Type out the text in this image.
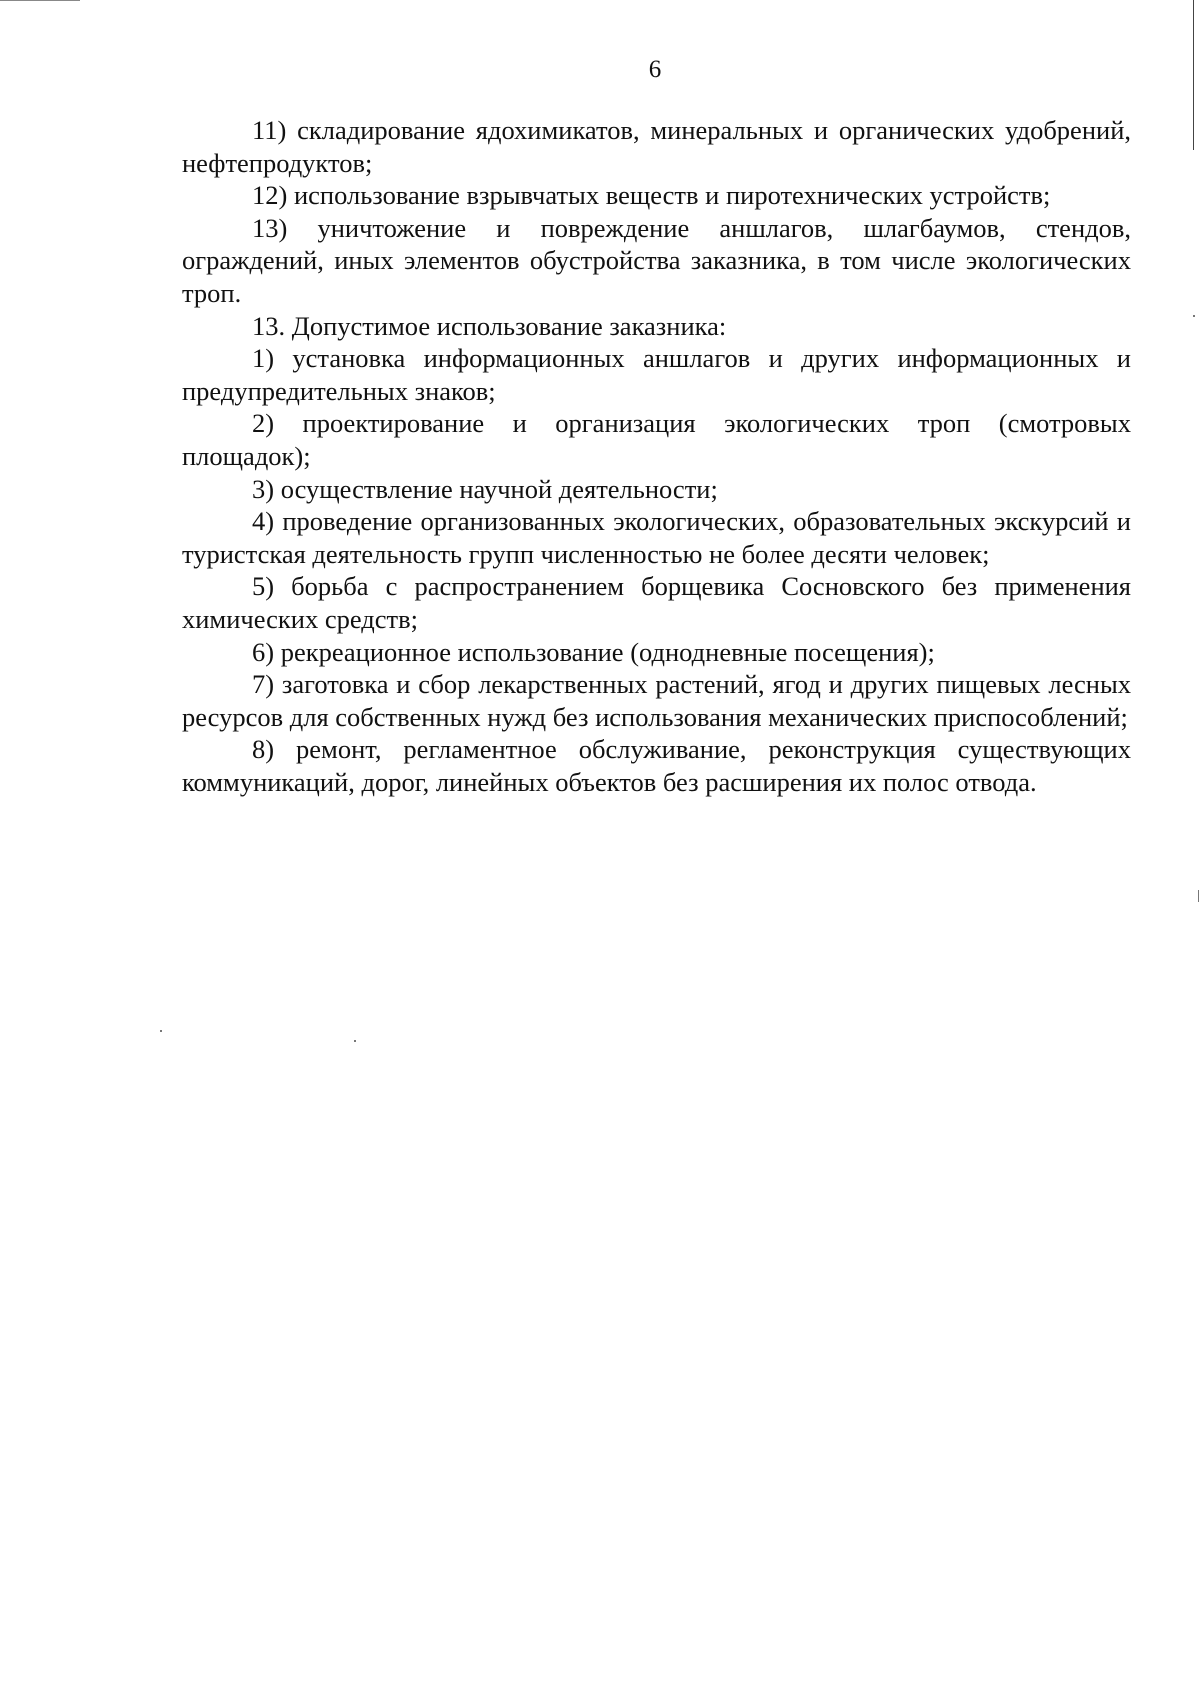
6

11) складирование ядохимикатов, минеральных и органических удобрений, нефтепродуктов;

12) использование взрывчатых веществ и пиротехнических устройств;

13) уничтожение и повреждение аншлагов, шлагбаумов, стендов, ограждений, иных элементов обустройства заказника, в том числе экологических троп.

13. Допустимое использование заказника:

1) установка информационных аншлагов и других информационных и предупредительных знаков;

2) проектирование и организация экологических троп (смотровых площадок);

3) осуществление научной деятельности;

4) проведение организованных экологических, образовательных экскурсий и туристская деятельность групп численностью не более десяти человек;

5) борьба с распространением борщевика Сосновского без применения химических средств;

6) рекреационное использование (однодневные посещения);

7) заготовка и сбор лекарственных растений, ягод и других пищевых лесных ресурсов для собственных нужд без использования механических приспособлений;

8) ремонт, регламентное обслуживание, реконструкция существующих коммуникаций, дорог, линейных объектов без расширения их полос отвода.
